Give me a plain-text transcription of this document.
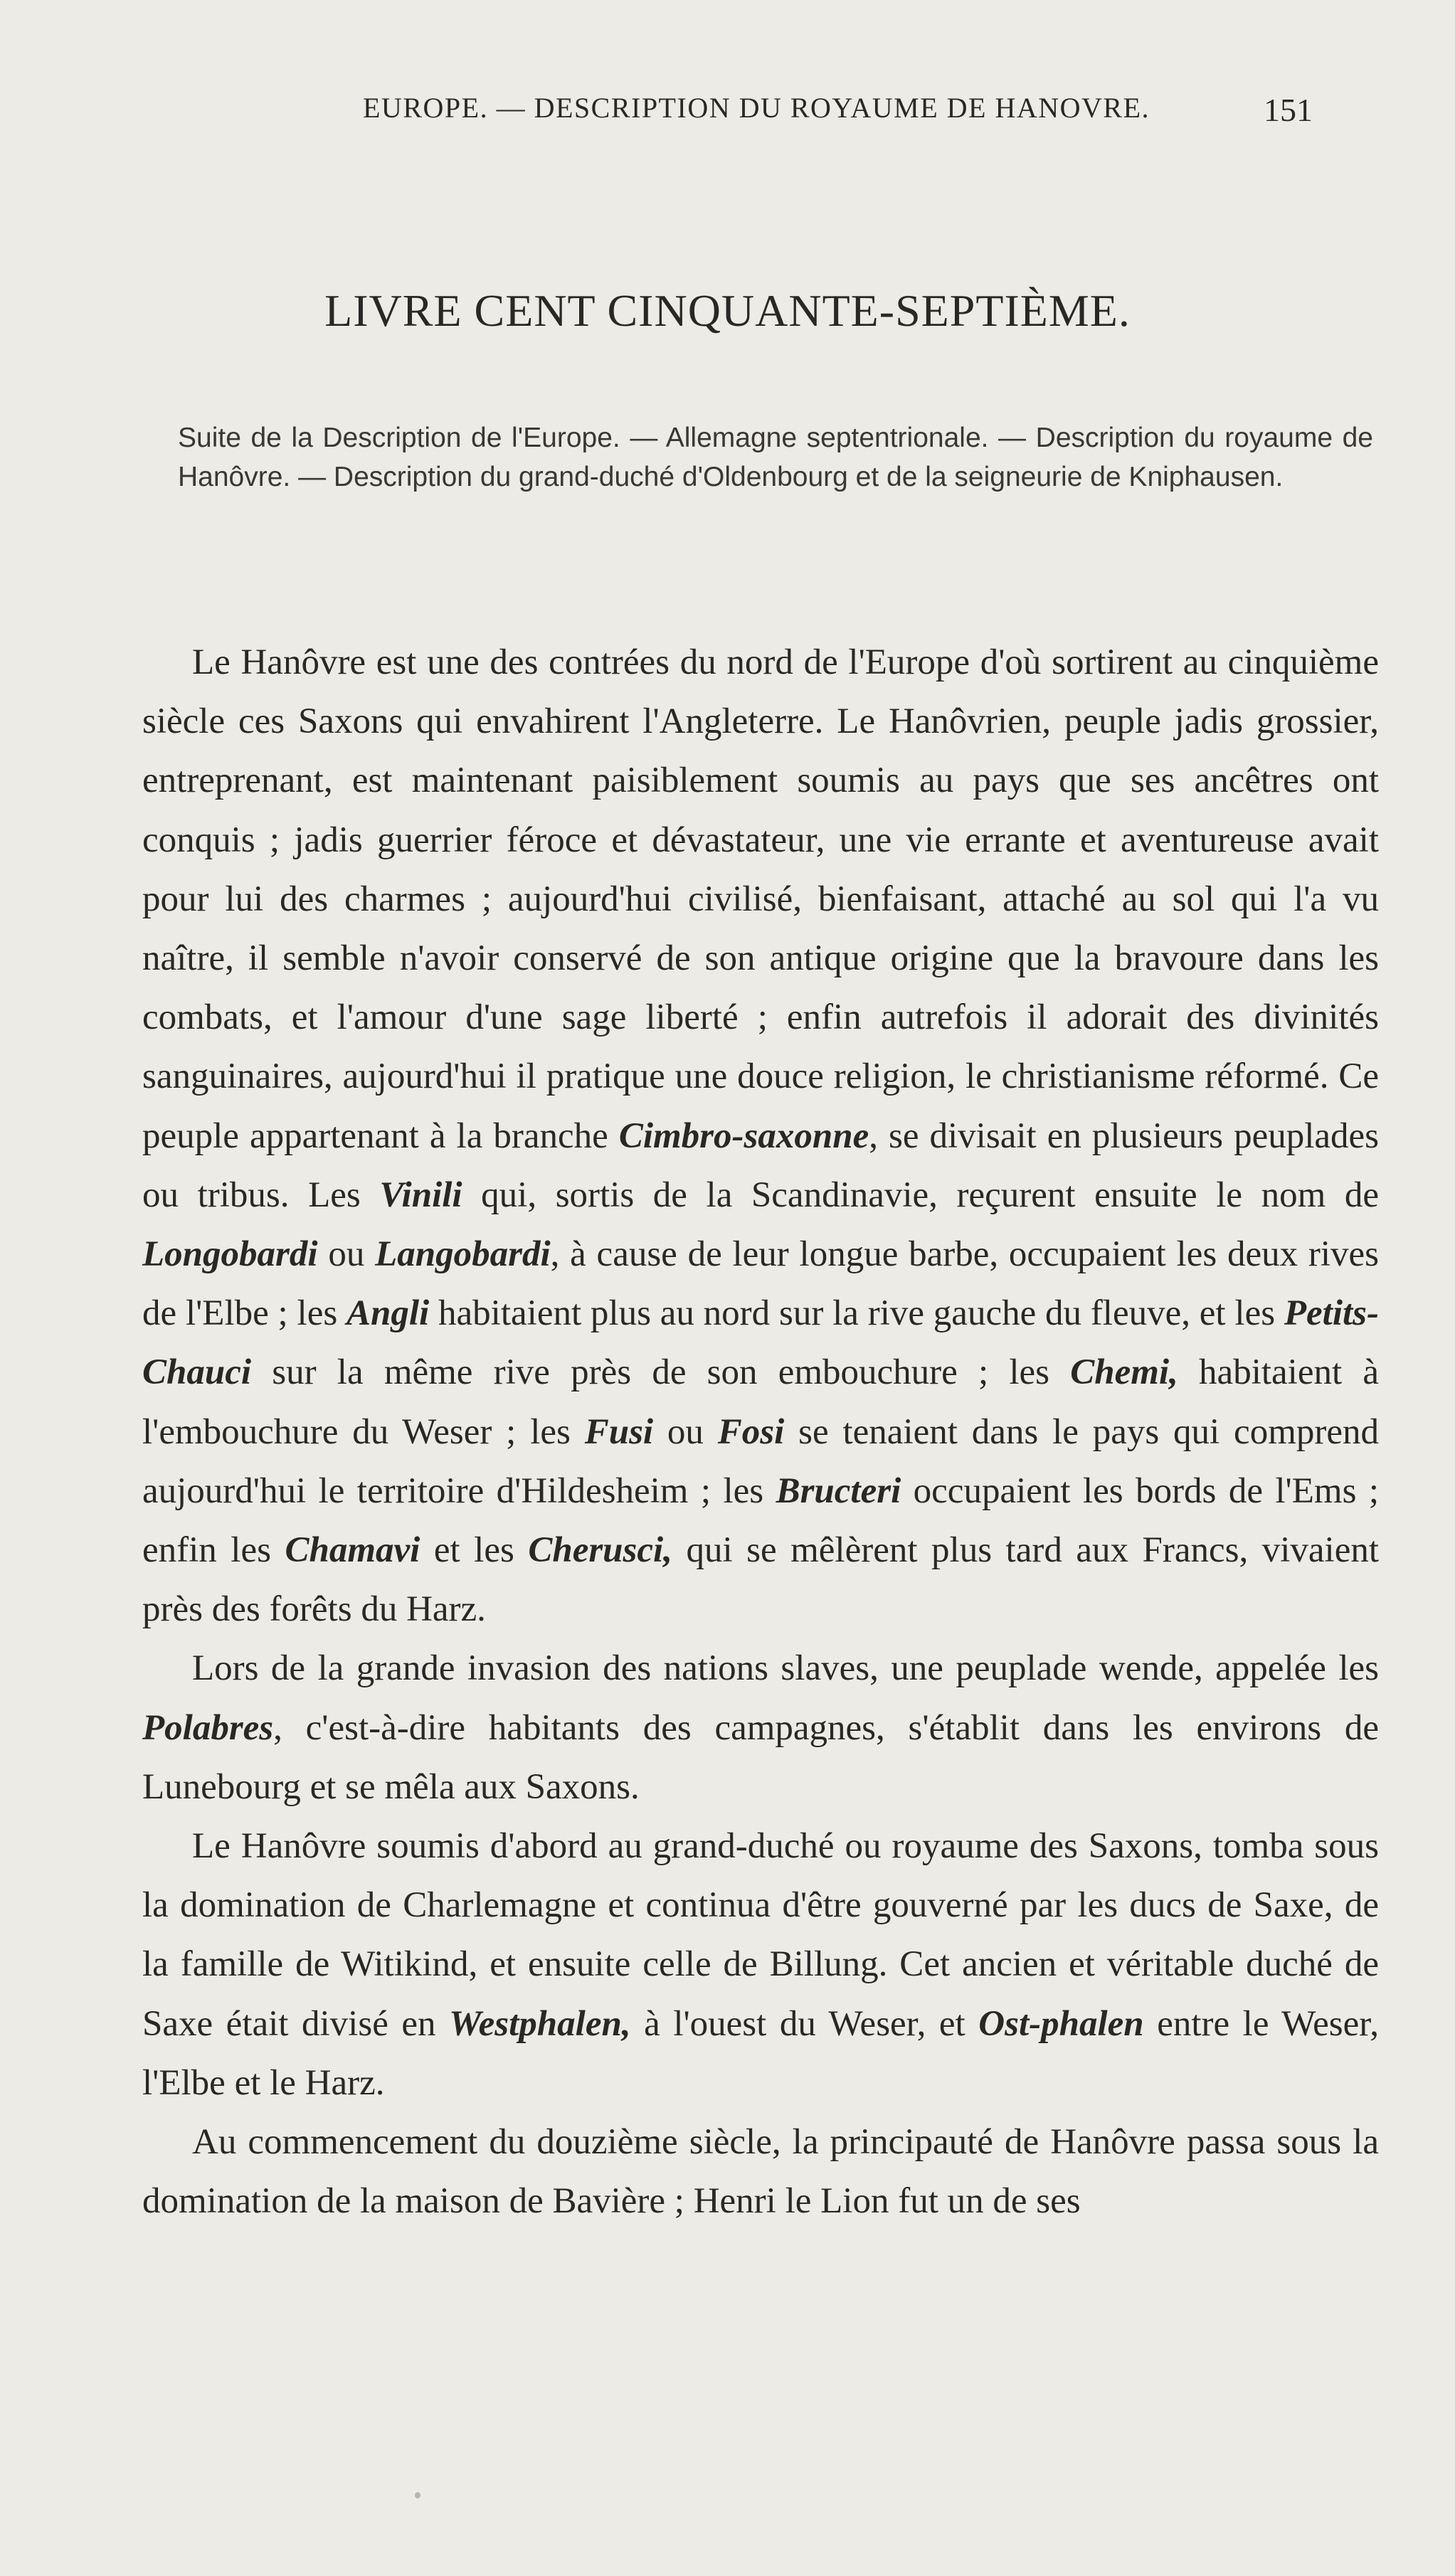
EUROPE. — DESCRIPTION DU ROYAUME DE HANOVRE.	151
LIVRE CENT CINQUANTE-SEPTIÈME.
Suite de la Description de l'Europe. — Allemagne septentrionale. — Description du royaume de Hanôvre. — Description du grand-duché d'Oldenbourg et de la seigneurie de Kniphausen.

Le Hanôvre est une des contrées du nord de l'Europe d'où sortirent au cinquième siècle ces Saxons qui envahirent l'Angleterre. Le Hanôvrien, peuple jadis grossier, entreprenant, est maintenant paisiblement soumis au pays que ses ancêtres ont conquis ; jadis guerrier féroce et dévastateur, une vie errante et aventureuse avait pour lui des charmes ; aujourd'hui civilisé, bienfaisant, attaché au sol qui l'a vu naître, il semble n'avoir conservé de son antique origine que la bravoure dans les combats, et l'amour d'une sage liberté ; enfin autrefois il adorait des divinités sanguinaires, aujourd'hui il pratique une douce religion, le christianisme réformé. Ce peuple appartenant à la branche Cimbro-saxonne, se divisait en plusieurs peuplades ou tribus. Les Vinili qui, sortis de la Scandinavie, reçurent ensuite le nom de Longobardi ou Langobardi, à cause de leur longue barbe, occupaient les deux rives de l'Elbe ; les Angli habitaient plus au nord sur la rive gauche du fleuve, et les Petits-Chauci sur la même rive près de son embouchure ; les Chemi, habitaient à l'embouchure du Weser ; les Fusi ou Fosi se tenaient dans le pays qui comprend aujourd'hui le territoire d'Hildesheim ; les Bructeri occupaient les bords de l'Ems ; enfin les Chamavi et les Cherusci, qui se mêlèrent plus tard aux Francs, vivaient près des forêts du Harz.

Lors de la grande invasion des nations slaves, une peuplade wende, appelée les Polabres, c'est-à-dire habitants des campagnes, s'établit dans les environs de Lunebourg et se mêla aux Saxons.

Le Hanôvre soumis d'abord au grand-duché ou royaume des Saxons, tomba sous la domination de Charlemagne et continua d'être gouverné par les ducs de Saxe, de la famille de Witikind, et ensuite celle de Billung. Cet ancien et véritable duché de Saxe était divisé en Westphalen, à l'ouest du Weser, et Ost-phalen entre le Weser, l'Elbe et le Harz.

Au commencement du douzième siècle, la principauté de Hanôvre passa sous la domination de la maison de Bavière ; Henri le Lion fut un de ses
